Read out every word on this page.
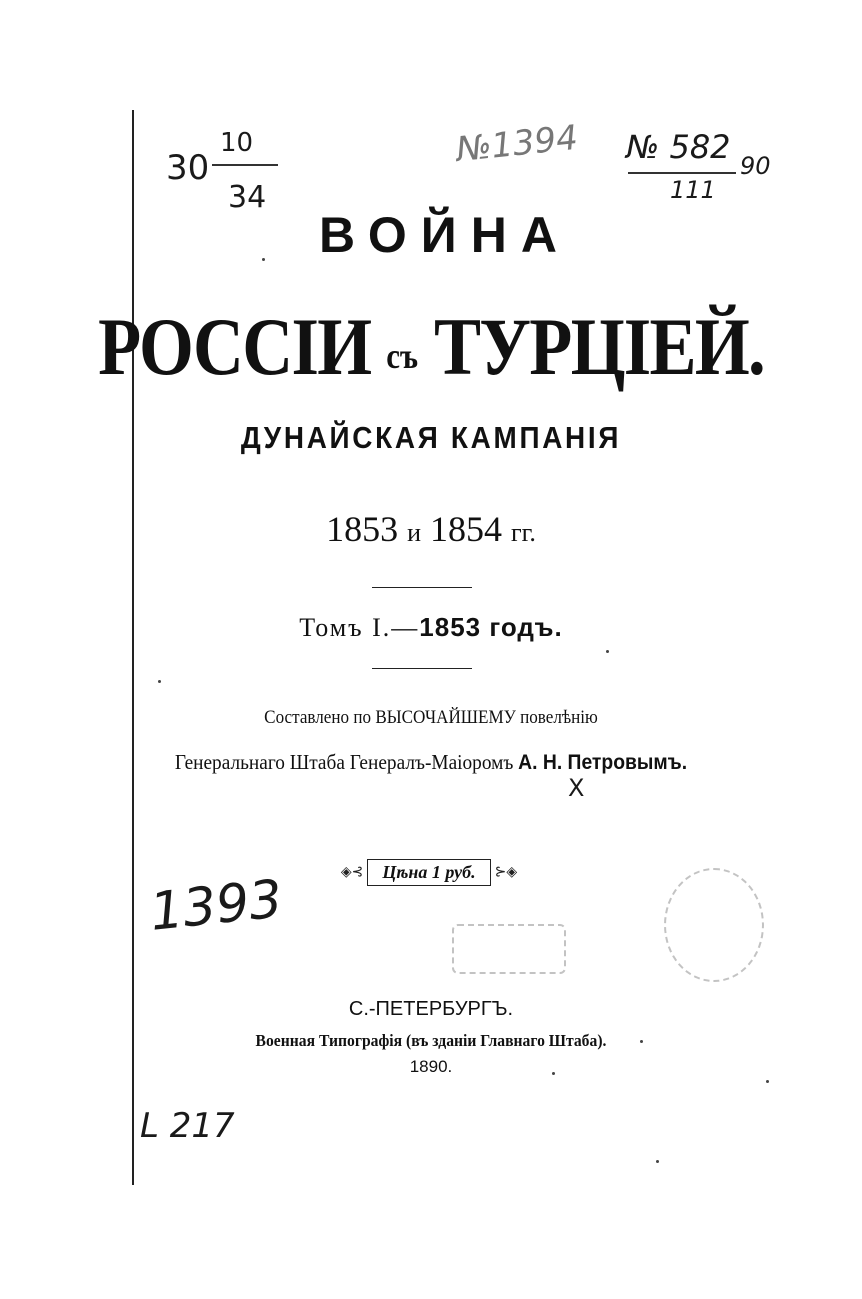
30
10
34
№1394 № 582 90
111
ВОЙНА
РОССІИ съ ТУРЦІЕЙ.
ДУНАЙСКАЯ КАМПАНІЯ
1853 и 1854 гг.
Томъ I.—1853 годъ.
Составлено по ВЫСОЧАЙШЕМУ повелѣнію
Генеральнаго Штаба Генералъ-Маіоромъ А. Н. Петровымъ.
X
◈⊰	Цѣна 1 руб.	⊱◈
1393
С.-ПЕТЕРБУРГЪ.
Военная Типографія (въ зданіи Главнаго Штаба).
1890.
L 217
